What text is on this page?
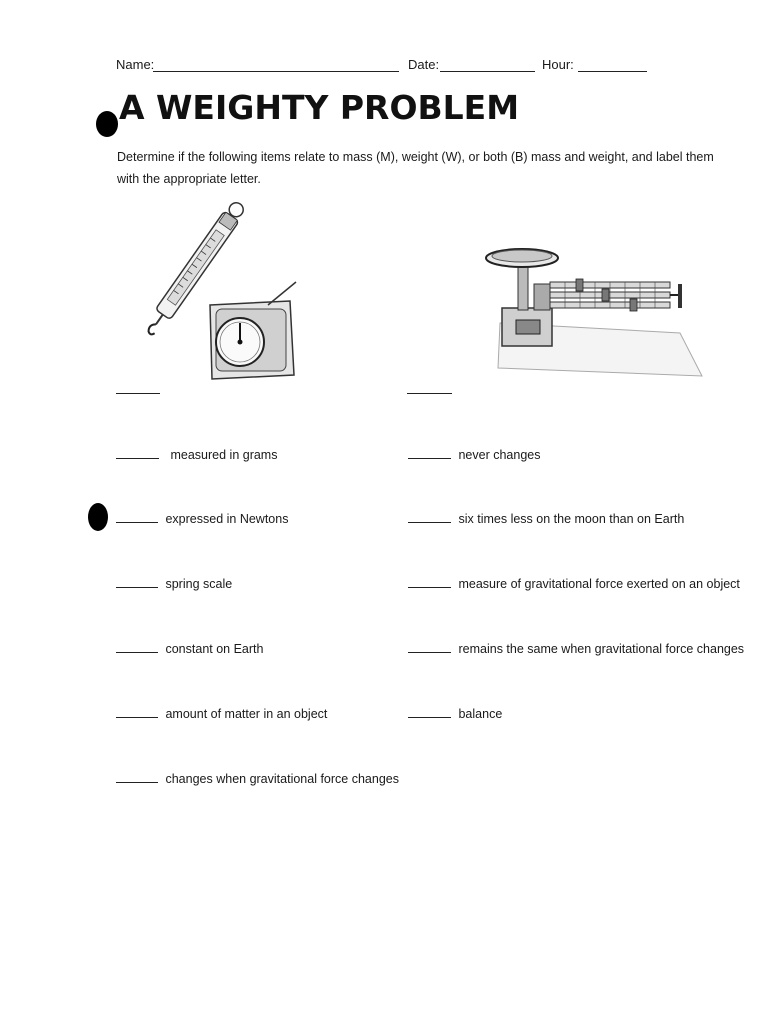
Name:	Date:	Hour:
A WEIGHTY PROBLEM
Determine if the following items relate to mass (M), weight (W), or both (B) mass and weight, and label them with the appropriate letter.
measured in grams
expressed in Newtons
spring scale
constant on Earth
amount of matter in an object
changes when gravitational force changes
never changes
six times less on the moon than on Earth
measure of gravitational force exerted on an object
remains the same when gravitational force changes
balance
